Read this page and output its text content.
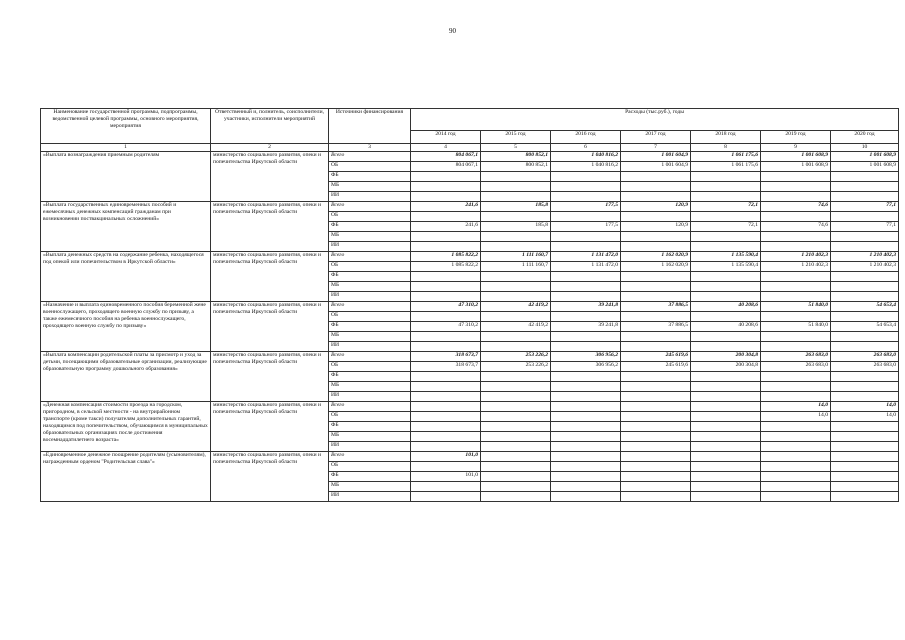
90
Наименование государственной программы, подпрограммы, ведомственной целевой программы, основного мероприятия, мероприятия	Ответственный и, полнитель, соисполнители, участники, исполнители мероприятий	Источники финансирования	Расходы (тыс.руб.), годы						
			2014 год	2015 год	2016 год	2017 год	2018 год	2019 год	2020 год
1	2	3	4	5	6	7	8	9	10
«Выплата вознаграждения приемным родителям	министерство социального развития, опеки и попечительства Иркутской области	Всего	804 067,1	800 852,1	1 040 816,2	1 001 604,9	1 061 175,6	1 001 608,9	1 001 608,9
		ОБ	804 067,1	800 852,1	1 040 816,2	1 001 604,9	1 061 175,6	1 001 608,9	1 001 608,9
		ФБ							
		МБ							
		ИИ							
«Выплата государственных единовременных пособий и ежемесячных денежных компенсаций гражданам при возникновении поствакцинальных осложнений»	министерство социального развития, опеки и попечительства Иркутской области	Всего	241,6	185,8	177,5	120,9	72,1	74,6	77,1
		ОБ							
		ФБ	241,6	185,8	177,5	120,9	72,1	74,6	77,1
		МБ							
		ИИ							
«Выплата денежных средств на содержание ребенка, находящегося под опекой или попечительством в Иркутской области»	министерство социального развития, опеки и попечительства Иркутской области	Всего	1 085 822,2	1 111 160,7	1 131 472,0	1 162 020,9	1 135 590,4	1 210 402,3	1 210 402,3
		ОБ	1 085 822,2	1 111 160,7	1 131 472,0	1 162 020,9	1 135 590,4	1 210 402,3	1 210 402,3
		ФБ							
		МБ							
		ИИ							
«Назначение и выплата единовременного пособия беременной жене военнослужащего, проходящего военную службу по призыву, а также ежемесячного пособия на ребенка военнослужащего, проходящего военную службу по призыву»	министерство социального развития, опеки и попечительства Иркутской области	Всего	47 310,2	42 419,2	39 241,8	37 886,5	40 208,6	51 840,0	54 653,4
		ОБ							
		ФБ	47 310,2	42 419,2	39 241,8	37 886,5	40 208,6	51 840,0	54 653,4
		МБ							
		ИИ							
«Выплата компенсации родительской платы за присмотр и уход за детьми, посещающими образовательные организации, реализующие образовательную программу дошкольного образования»	министерство социального развития, опеки и попечительства Иркутской области	Всего	318 673,7	253 226,2	306 956,2	245 619,6	200 304,8	263 683,0	263 683,0
		ОБ	318 673,7	253 226,2	306 956,2	245 619,6	200 304,8	263 683,0	263 683,0
		ФБ							
		МБ							
		ИИ							
«Денежная компенсация стоимости проезда на городском, пригородном, в сельской местности - на внутрирайонном транспорте (кроме такси) получателям дополнительных гарантий, находящимся под попечительством, обучающимся в муниципальных образовательных организациях после достижения восемнадцатилетнего возраста»	министерство социального развития, опеки и попечительства Иркутской области	Всего						14,0	14,0
		ОБ						14,0	14,0
		ФБ							
		МБ							
		ИИ							
«Единовременное денежное поощрение родителям (усыновителям), награжденным орденом "Родительская слава"»	министерство социального развития, опеки и попечительства Иркутской области	Всего	101,0						
		ОБ							
		ФБ	101,0						
		МБ							
		ИИ							
